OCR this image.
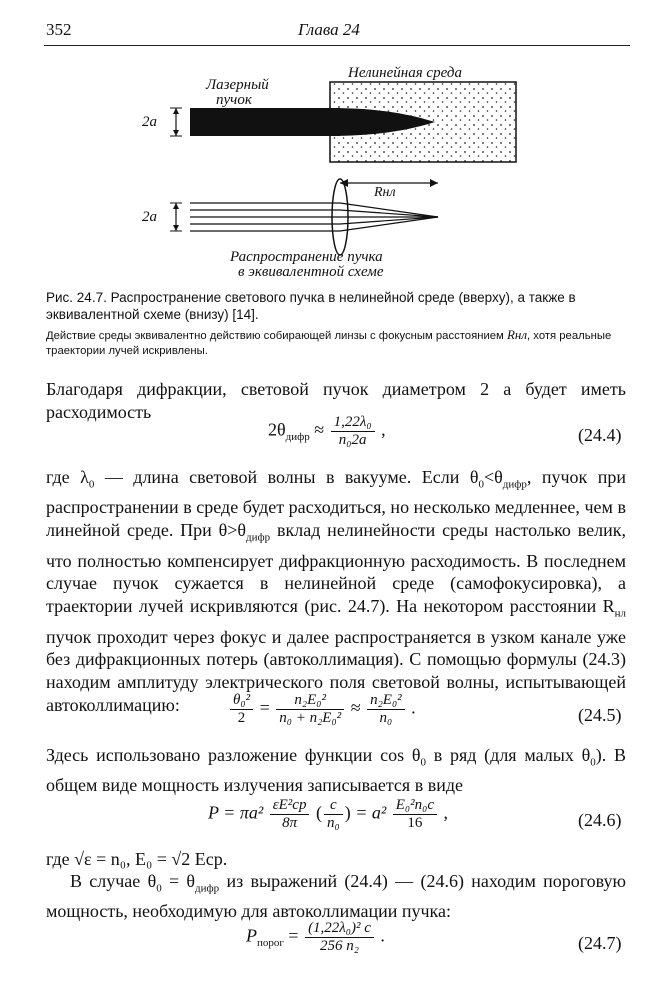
352	Глава 24
Лазерный
пучок
Нелинейная среда
2a
2a
Rнл
Распространение пучка
в эквивалентной схеме
Рис. 24.7. Распространение светового пучка в нелинейной среде (вверху), а также в эквивалентной схеме (внизу) [14].
Действие среды эквивалентно действию собирающей линзы с фокусным расстоянием Rнл, хотя реальные траектории лучей искривлены.
Благодаря дифракции, световой пучок диаметром 2 a будет иметь расходимость
$2\theta_{дифр} \approx \frac{\text{1,22λ₀}}{\text{n₀2a}}$ ,	(24.4)
где $\lambda_0$ — длина световой волны в вакууме. Если $\theta_0<\theta_{дифр}$, пучок при распространении в среде будет расходиться, но несколько медленнее, чем в линейной среде. При $\theta>\theta_{дифр}$ вклад нелинейности среды настолько велик, что полностью компенсирует дифракционную расходимость. В последнем случае пучок сужается в нелинейной среде (самофокусировка), а траектории лучей искривляются (рис. 24.7). На некотором расстоянии $R_{нл}$ пучок проходит через фокус и далее распространяется в узком канале уже без дифракционных потерь (автоколлимация). С помощью формулы (24.3) находим амплитуду электрического поля световой волны, испытывающей автоколлимацию:	$\frac{\text{θ₀²}}{2} = \frac{\text{n₂E₀²}}{\text{n₀ + n₂E₀²}} \approx \frac{\text{n₂E₀²}}{\text{n₀}}$ .	(24.5)
Здесь использовано разложение функции $\cos \theta_0$ в ряд (для малых $\theta_0$). В общем виде мощность излучения записывается в виде
$P = \pi a^2 \frac{\text{εE²ср}}{8\pi}$ ( $\frac{c}{\text{n₀}}$ ) = $a^2 \frac{\text{E₀²n₀c}}{16}$ ,	(24.6)
где √ε = n₀, E₀ = √2 Eср.
В случае $\theta_0 = \theta_{дифр}$ из выражений (24.4) — (24.6) находим пороговую мощность, необходимую для автоколлимации пучка:
$P_{порог} = \frac{\text{(1,22λ₀)² c}}{\text{256 n₂}}$ .	(24.7)
